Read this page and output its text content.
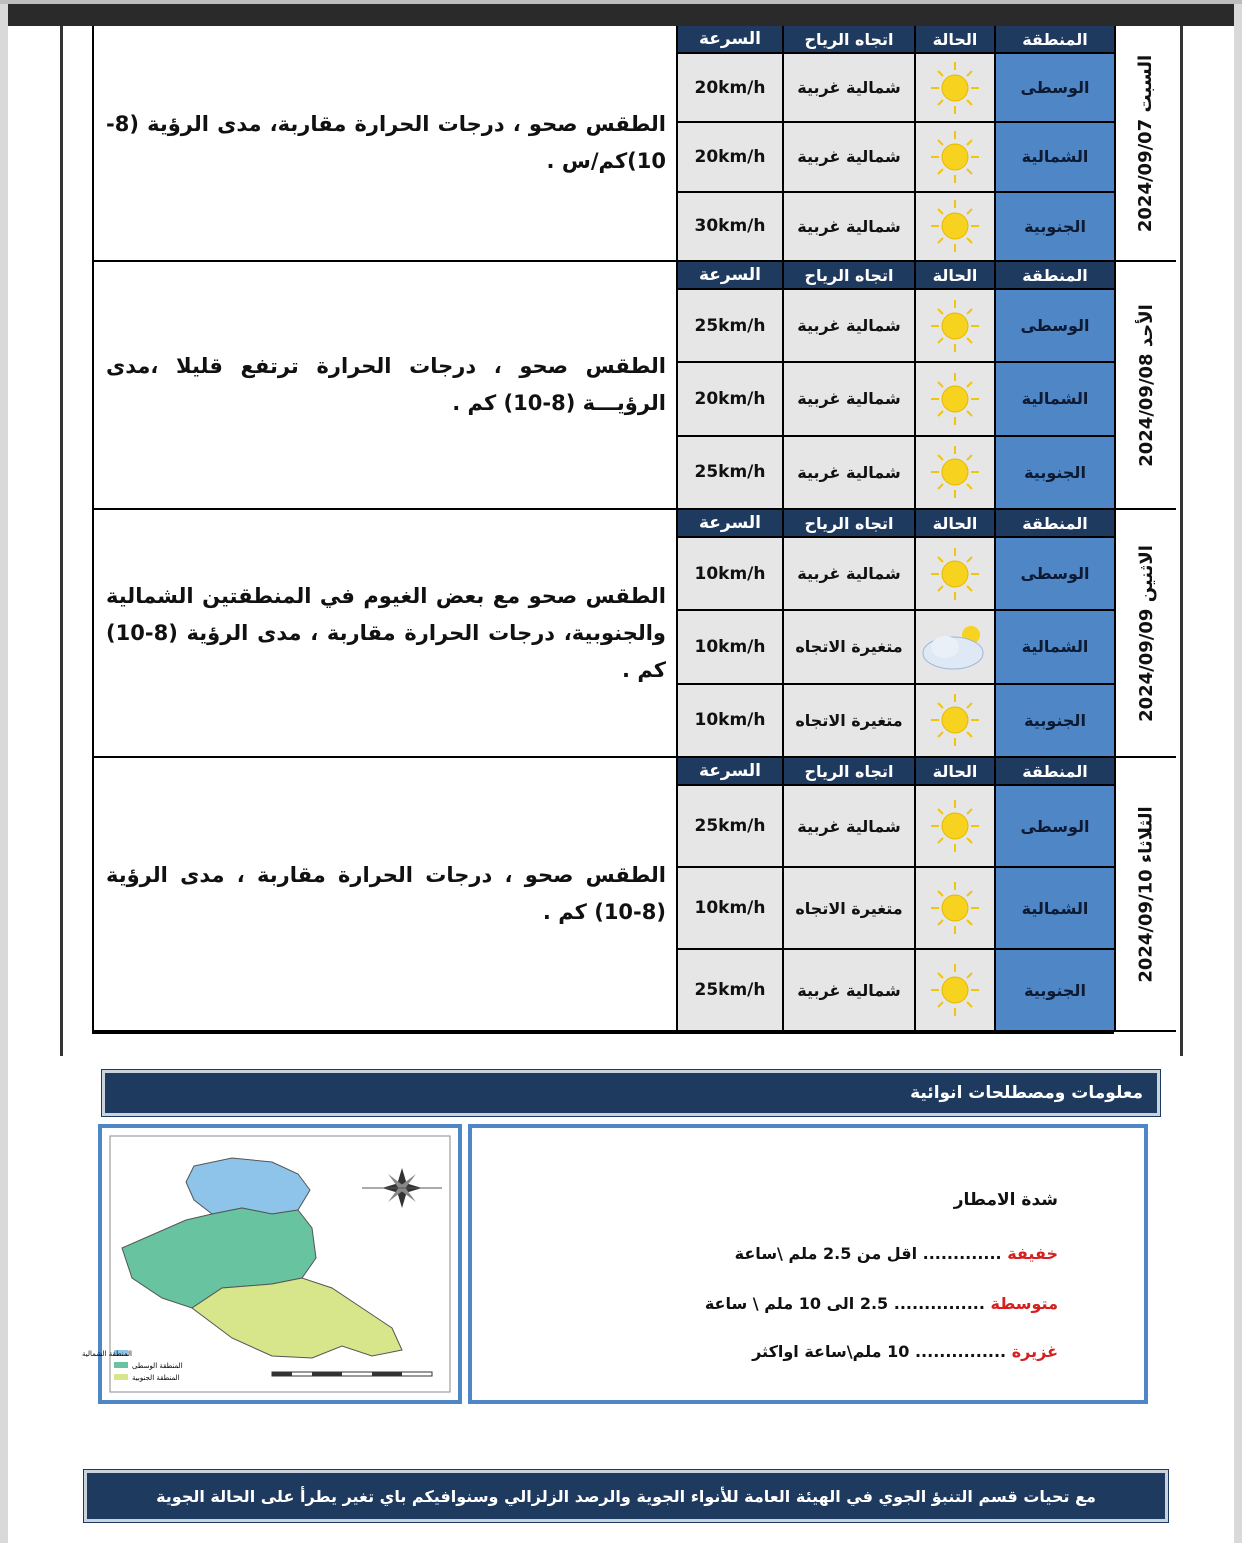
الطقس صحو ، درجات الحرارة مقاربة، مدى الرؤية (8-10)كم/س .

المنطقة
الحالة
اتجاه الرياح
السرعة
الوسطى
شمالية غربية
20km/h
الشمالية
شمالية غربية
20km/h
الجنوبية
شمالية غربية
30km/h	السبت 2024/09/07

الطقس صحو ، درجات الحرارة ترتفع قليلا ،مدى الرؤيـــة (8-10) كم .

المنطقة
الحالة
اتجاه الرياح
السرعة
الوسطى
شمالية غربية
25km/h
الشمالية
شمالية غربية
20km/h
الجنوبية
شمالية غربية
25km/h
الأحد 2024/09/08

الطقس صحو مع بعض الغيوم في المنطقتين الشمالية والجنوبية، درجات الحرارة مقاربة ، مدى الرؤية (8-10) كم .

المنطقة
الحالة
اتجاه الرياح
السرعة
الوسطى
شمالية غربية
10km/h
الشمالية
متغيرة الاتجاه
10km/h
الجنوبية
متغيرة الاتجاه
10km/h	الاثنين 2024/09/09

الطقس صحو ، درجات الحرارة مقاربة ، مدى الرؤية (8-10) كم .

المنطقة
الحالة
اتجاه الرياح
السرعة
الوسطى
شمالية غربية
25km/h
الشمالية
متغيرة الاتجاه
10km/h
الجنوبية
شمالية غربية
25km/h
الثلاثاء 2024/09/10
معلومات ومصطلحات انوائية
المنطقة الشمالية
المنطقة الوسطى
المنطقة الجنوبية
شدة الامطار
خفيفة ............. اقل من 2.5 ملم \ساعة
متوسطة ............... 2.5 الى 10 ملم \ ساعة
غزيرة ............... 10 ملم\ساعة اواكثر
مع تحيات قسم التنبؤ الجوي في الهيئة العامة للأنواء الجوية والرصد الزلزالي وسنوافيكم باي تغير يطرأ على الحالة الجوية
